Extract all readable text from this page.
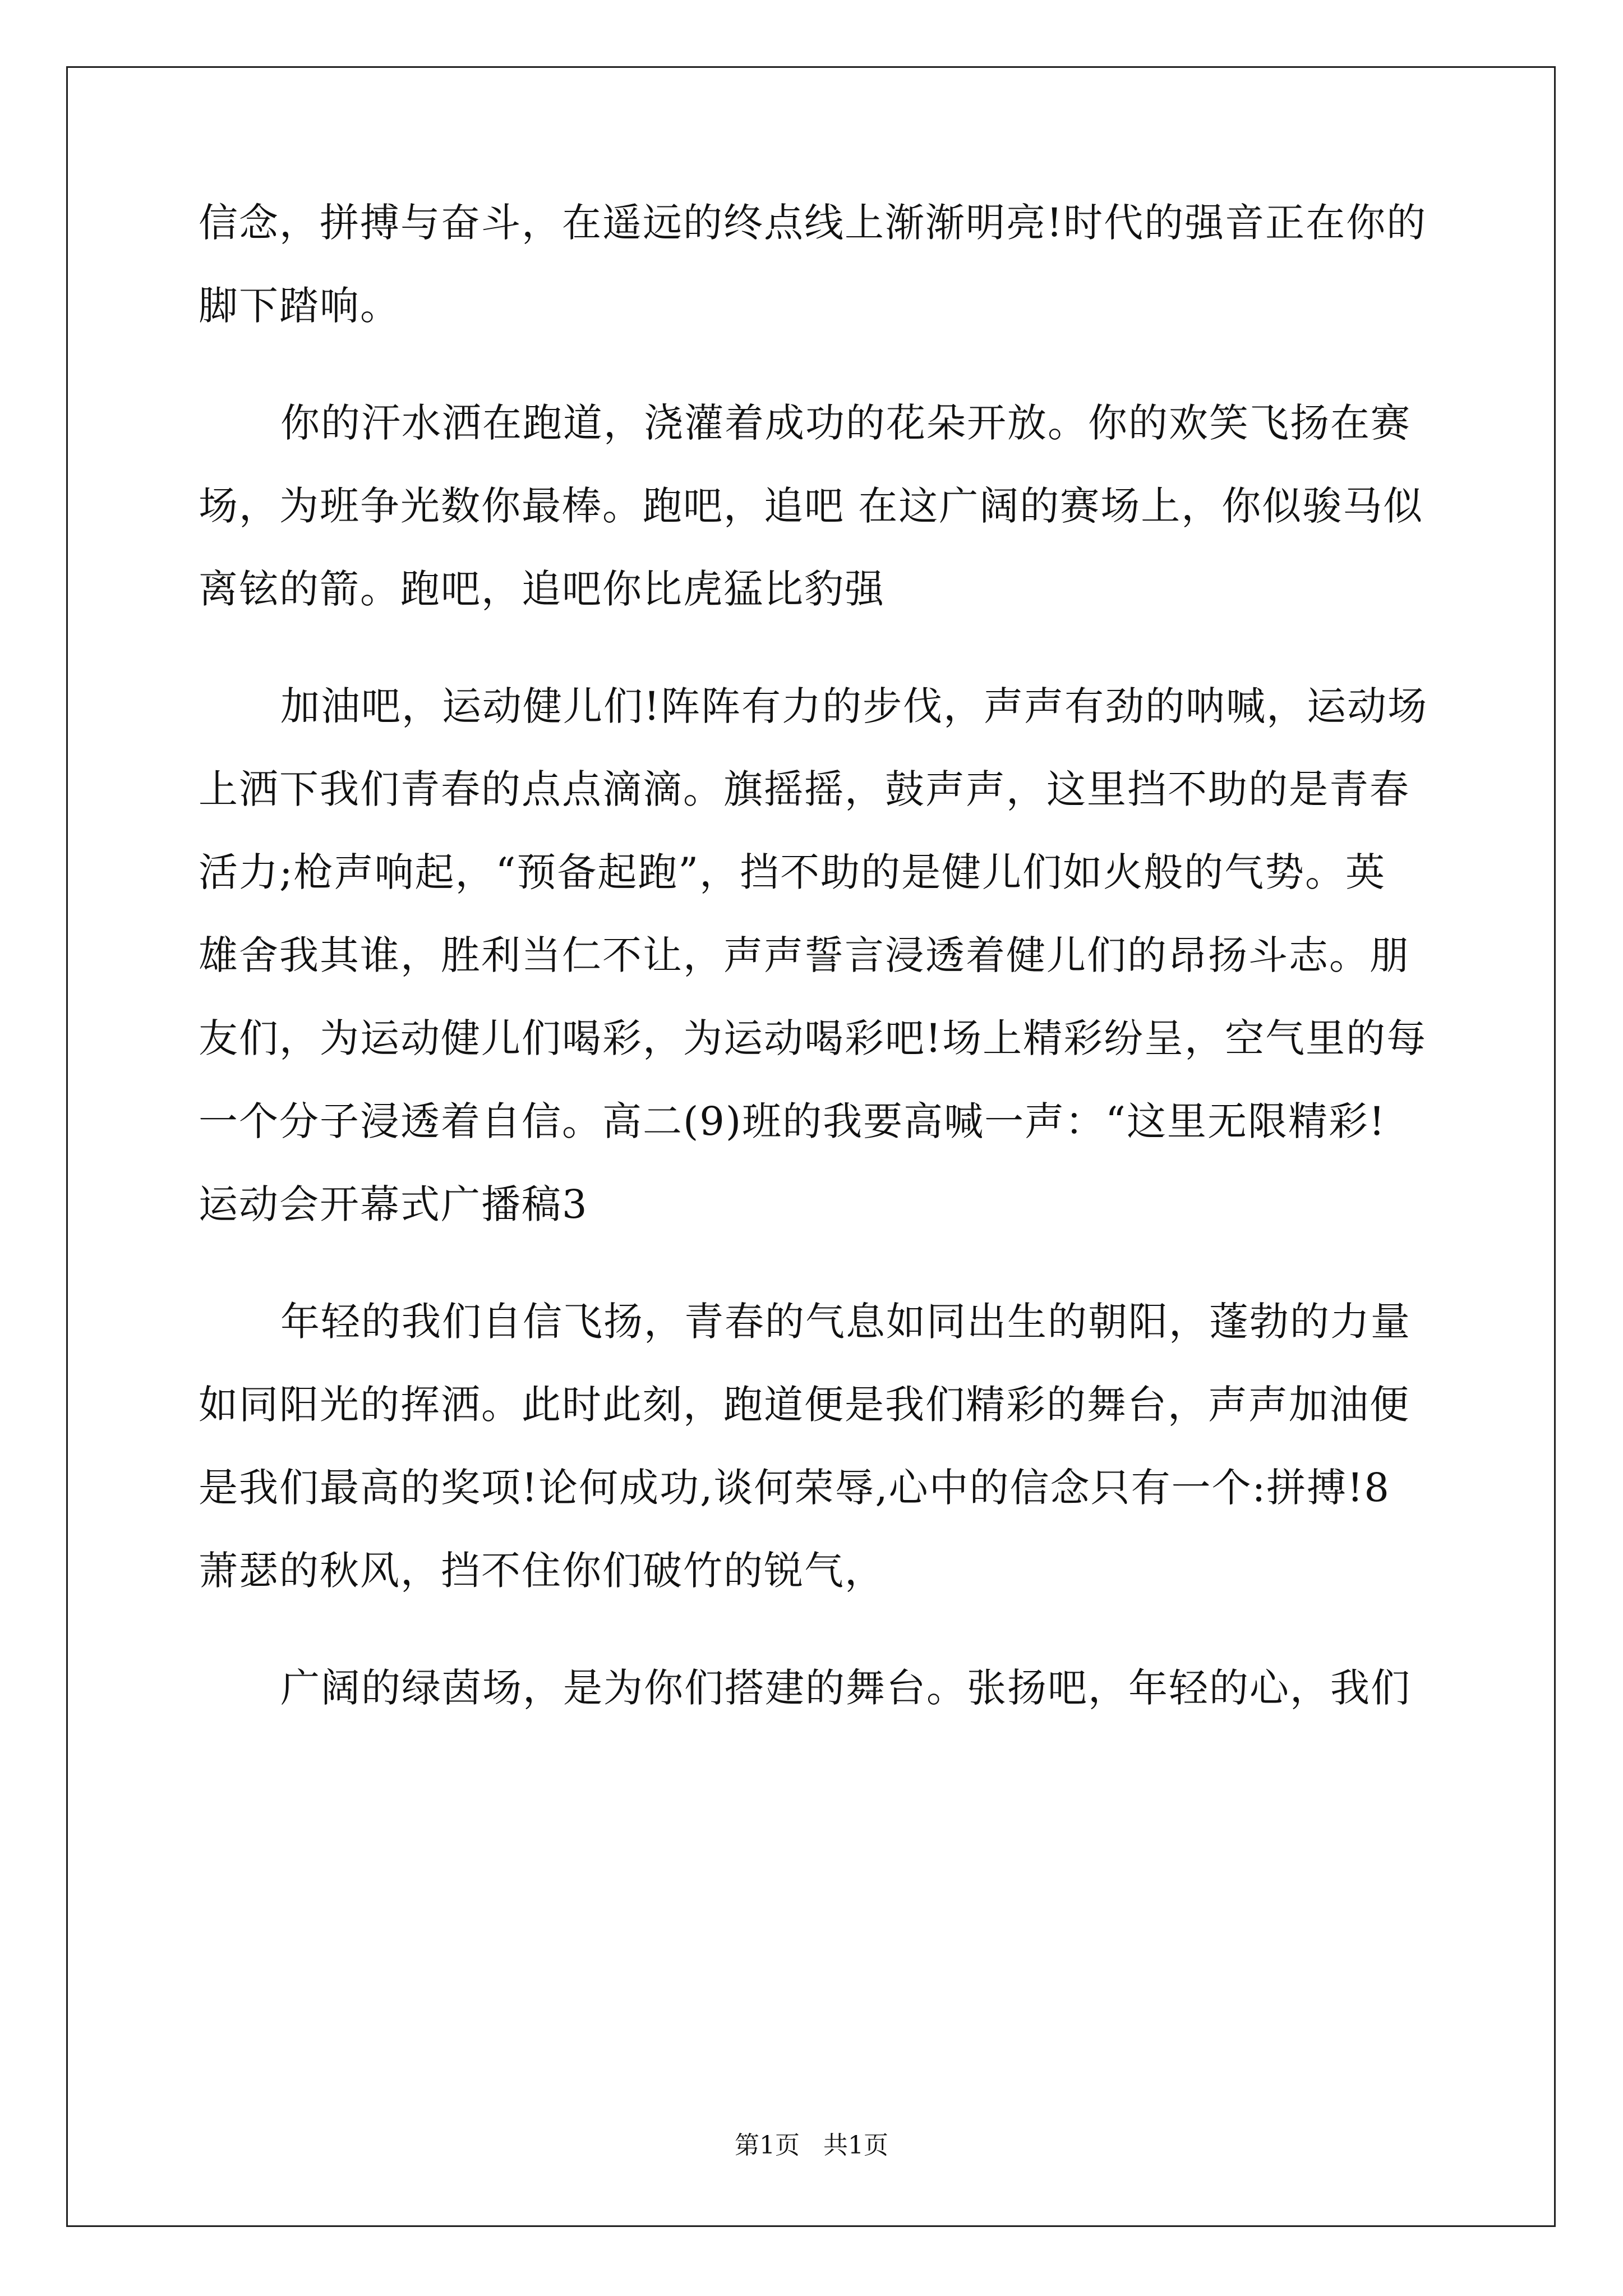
信念，拼搏与奋斗，在遥远的终点线上渐渐明亮!时代的强音正在你的
脚下踏响。
你的汗水洒在跑道，浇灌着成功的花朵开放。你的欢笑飞扬在赛
场，为班争光数你最棒。跑吧，追吧 在这广阔的赛场上，你似骏马似
离铉的箭。跑吧，追吧你比虎猛比豹强
加油吧，运动健儿们!阵阵有力的步伐，声声有劲的呐喊，运动场
上洒下我们青春的点点滴滴。旗摇摇，鼓声声，这里挡不助的是青春
活力;枪声响起，“预备起跑”，挡不助的是健儿们如火般的气势。英
雄舍我其谁，胜利当仁不让，声声誓言浸透着健儿们的昂扬斗志。朋
友们，为运动健儿们喝彩，为运动喝彩吧!场上精彩纷呈，空气里的每
一个分子浸透着自信。高二(9)班的我要高喊一声：“这里无限精彩!
运动会开幕式广播稿3
年轻的我们自信飞扬，青春的气息如同出生的朝阳，蓬勃的力量
如同阳光的挥洒。此时此刻，跑道便是我们精彩的舞台，声声加油便
是我们最高的奖项!论何成功,谈何荣辱,心中的信念只有一个:拼搏!8
萧瑟的秋风，挡不住你们破竹的锐气，
广阔的绿茵场，是为你们搭建的舞台。张扬吧，年轻的心，我们
第1页   共1页
